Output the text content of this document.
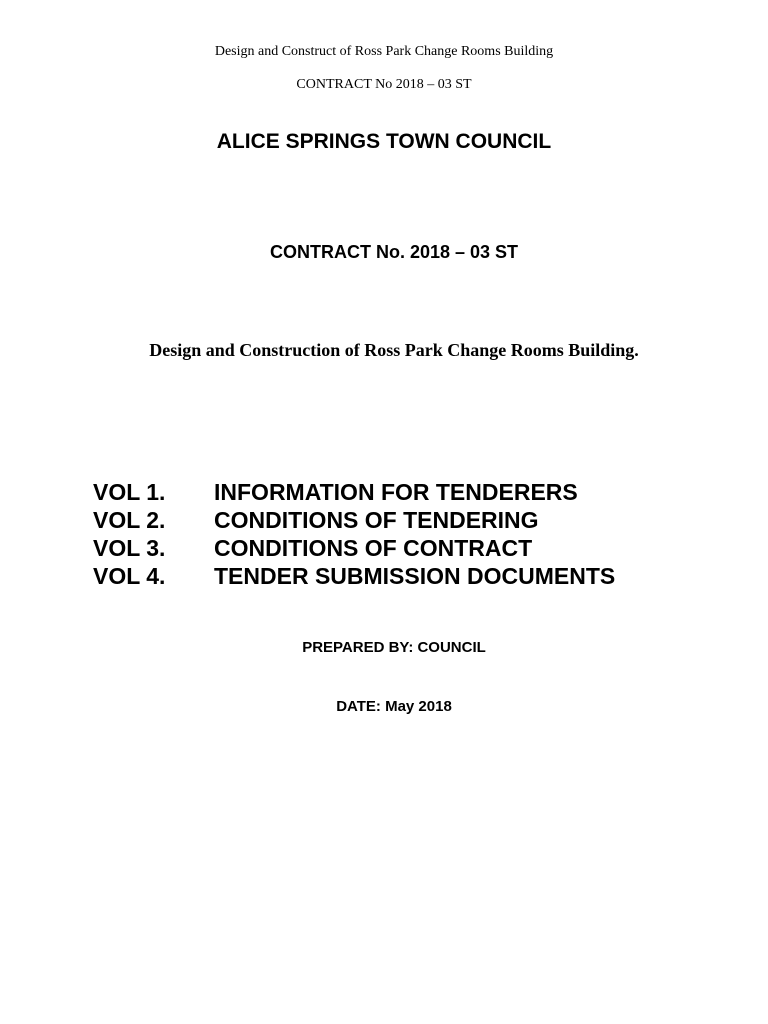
Design and Construct of Ross Park Change Rooms Building
CONTRACT No 2018 – 03 ST
ALICE SPRINGS TOWN COUNCIL
CONTRACT No. 2018 – 03 ST
Design and Construction of Ross Park Change Rooms Building.
VOL 1. INFORMATION FOR TENDERERS
VOL 2. CONDITIONS OF TENDERING
VOL 3. CONDITIONS OF CONTRACT
VOL 4. TENDER SUBMISSION DOCUMENTS
PREPARED BY: COUNCIL
DATE: May 2018
